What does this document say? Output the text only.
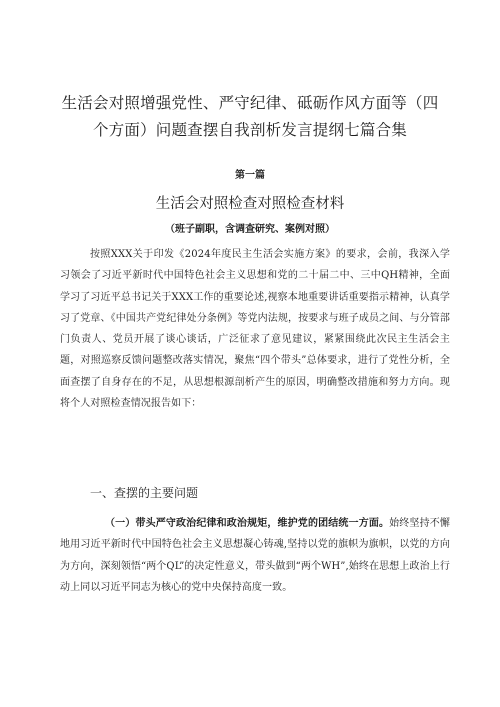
生活会对照增强党性、严守纪律、砥砺作风方面等（四个方面）问题查摆自我剖析发言提纲七篇合集
第一篇
生活会对照检查对照检查材料
（班子副职，含调查研究、案例对照）

按照XXX关于印发《2024年度民主生活会实施方案》的要求，会前，我深入学习领会了习近平新时代中国特色社会主义思想和党的二十届二中、三中QH精神，全面学习了习近平总书记关于XXX工作的重要论述,视察本地重要讲话重要指示精神，认真学习了党章、《中国共产党纪律处分条例》等党内法规，按要求与班子成员之间、与分管部门负责人、党员开展了谈心谈话，广泛征求了意见建议，紧紧围绕此次民主生活会主题，对照巡察反馈问题整改落实情况，聚焦“四个带头”总体要求，进行了党性分析，全面查摆了自身存在的不足，从思想根源剖析产生的原因，明确整改措施和努力方向。现将个人对照检查情况报告如下：

一、查摆的主要问题

（一）带头严守政治纪律和政治规矩，维护党的团结统一方面。始终坚持不懈地用习近平新时代中国特色社会主义思想凝心铸魂,坚持以党的旗帜为旗帜，以党的方向为方向，深刻领悟“两个QL”的决定性意义，带头做到“两个WH”,始终在思想上政治上行动上同以习近平同志为核心的党中央保持高度一致。
